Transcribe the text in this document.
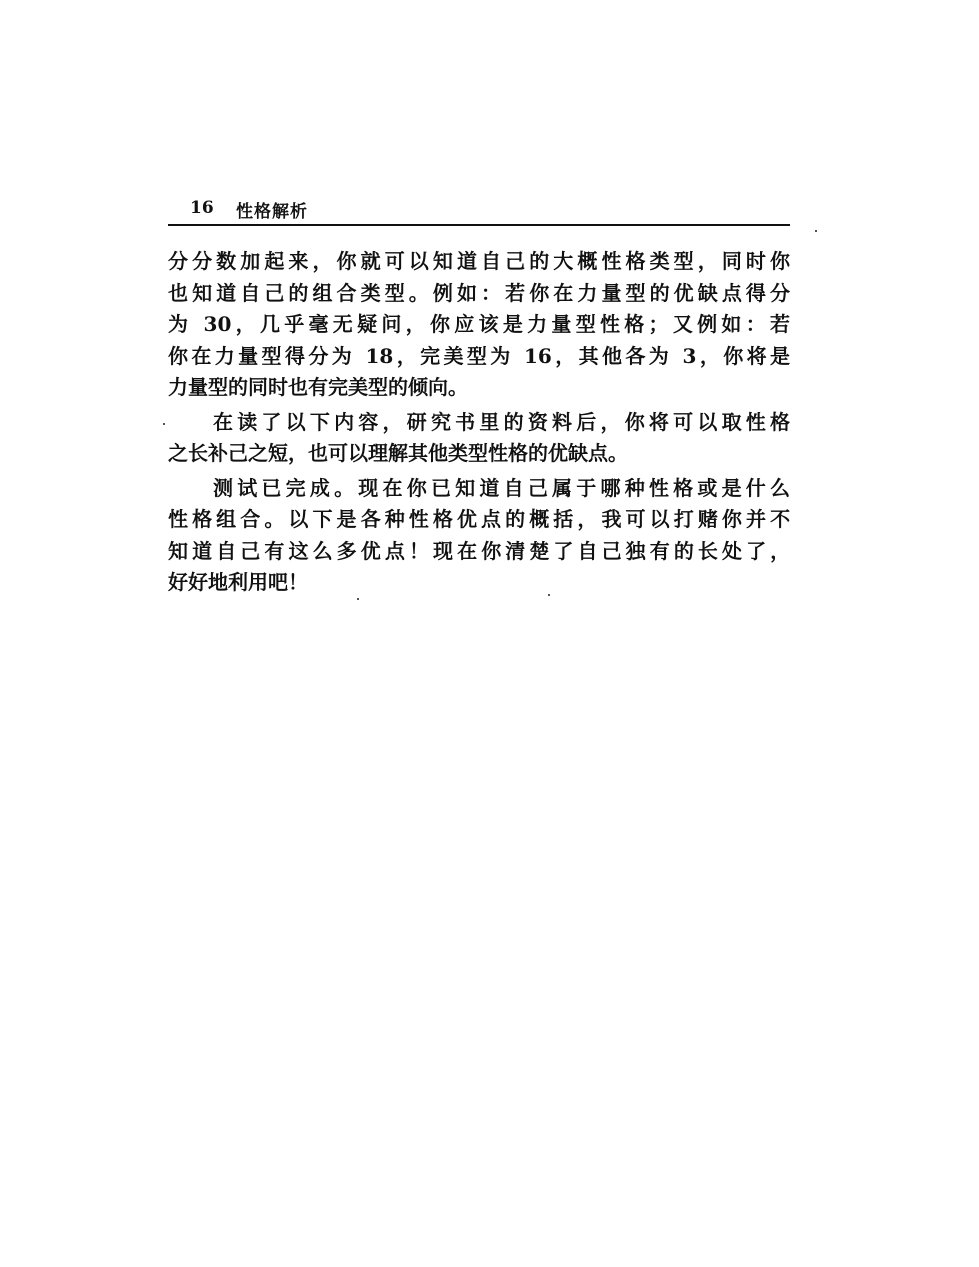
16 性格解析
分分数加起来，你就可以知道自己的大概性格类型，同时你
也知道自己的组合类型。例如：若你在力量型的优缺点得分
为 30，几乎毫无疑问，你应该是力量型性格；又例如：若
你在力量型得分为 18，完美型为 16，其他各为 3，你将是
力量型的同时也有完美型的倾向。
在读了以下内容，研究书里的资料后，你将可以取性格
之长补己之短，也可以理解其他类型性格的优缺点。
测试已完成。现在你已知道自己属于哪种性格或是什么
性格组合。以下是各种性格优点的概括，我可以打赌你并不
知道自己有这么多优点！现在你清楚了自己独有的长处了，
好好地利用吧！
